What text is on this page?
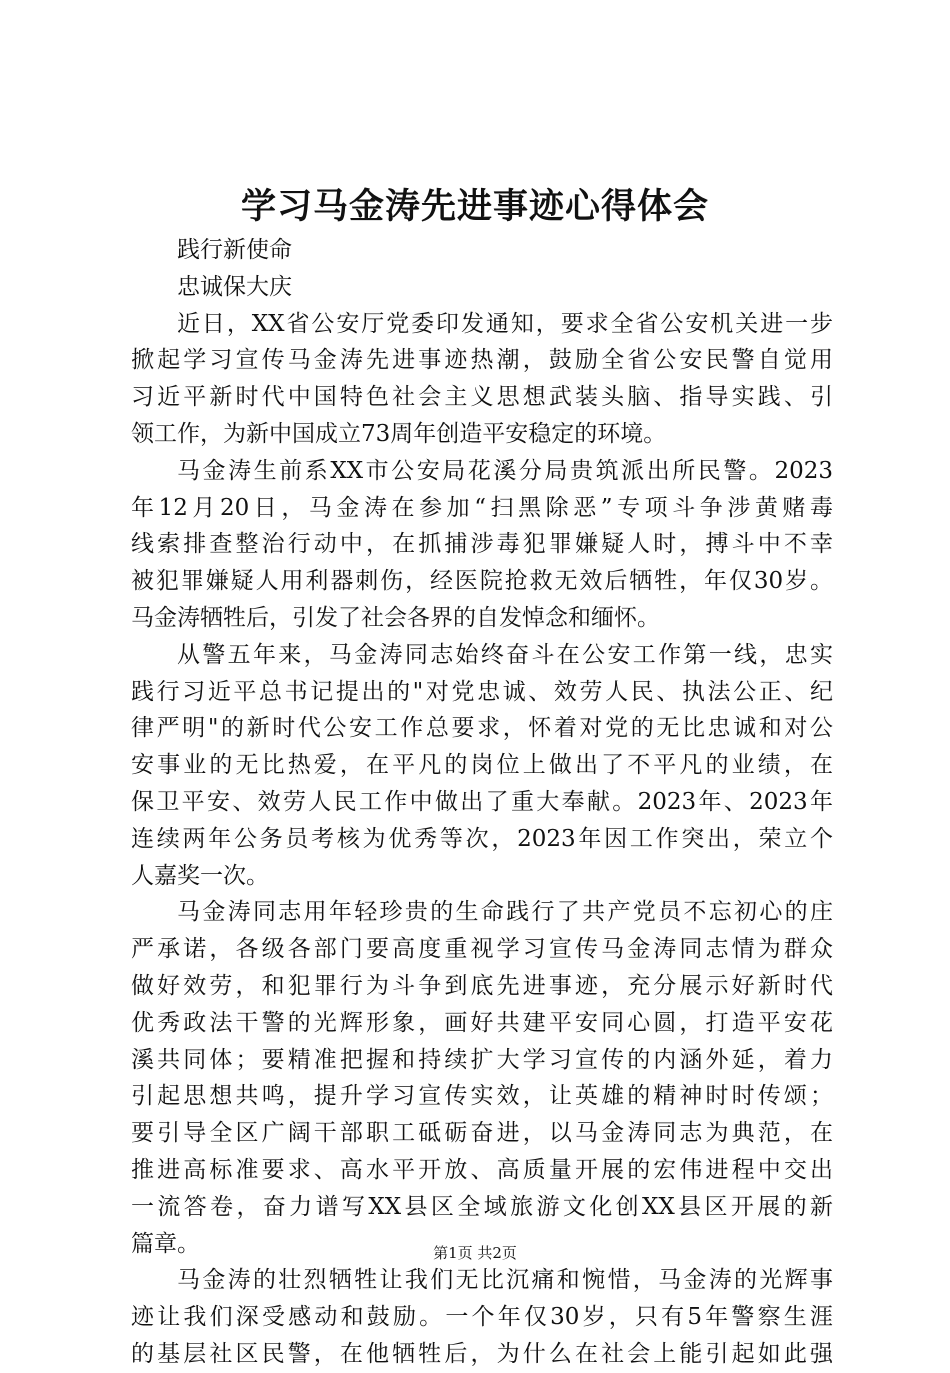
学习马金涛先进事迹心得体会
践行新使命
忠诚保大庆
近日，XX省公安厅党委印发通知，要求全省公安机关进一步
掀起学习宣传马金涛先进事迹热潮，鼓励全省公安民警自觉用
习近平新时代中国特色社会主义思想武装头脑、指导实践、引
领工作，为新中国成立73周年创造平安稳定的环境。
马金涛生前系XX市公安局花溪分局贵筑派出所民警。2023
年12月20日，马金涛在参加“扫黑除恶”专项斗争涉黄赌毒
线索排查整治行动中，在抓捕涉毒犯罪嫌疑人时，搏斗中不幸
被犯罪嫌疑人用利器刺伤，经医院抢救无效后牺牲，年仅30岁。
马金涛牺牲后，引发了社会各界的自发悼念和缅怀。
从警五年来，马金涛同志始终奋斗在公安工作第一线，忠实
践行习近平总书记提出的"对党忠诚、效劳人民、执法公正、纪
律严明"的新时代公安工作总要求，怀着对党的无比忠诚和对公
安事业的无比热爱，在平凡的岗位上做出了不平凡的业绩，在
保卫平安、效劳人民工作中做出了重大奉献。2023年、2023年
连续两年公务员考核为优秀等次，2023年因工作突出，荣立个
人嘉奖一次。
马金涛同志用年轻珍贵的生命践行了共产党员不忘初心的庄
严承诺，各级各部门要高度重视学习宣传马金涛同志情为群众
做好效劳，和犯罪行为斗争到底先进事迹，充分展示好新时代
优秀政法干警的光辉形象，画好共建平安同心圆，打造平安花
溪共同体；要精准把握和持续扩大学习宣传的内涵外延，着力
引起思想共鸣，提升学习宣传实效，让英雄的精神时时传颂；
要引导全区广阔干部职工砥砺奋进，以马金涛同志为典范，在
推进高标准要求、高水平开放、高质量开展的宏伟进程中交出
一流答卷，奋力谱写XX县区全域旅游文化创XX县区开展的新
篇章。
马金涛的壮烈牺牲让我们无比沉痛和惋惜，马金涛的光辉事
迹让我们深受感动和鼓励。一个年仅30岁，只有5年警察生涯
的基层社区民警，在他牺牲后，为什么在社会上能引起如此强
第1页 共2页
